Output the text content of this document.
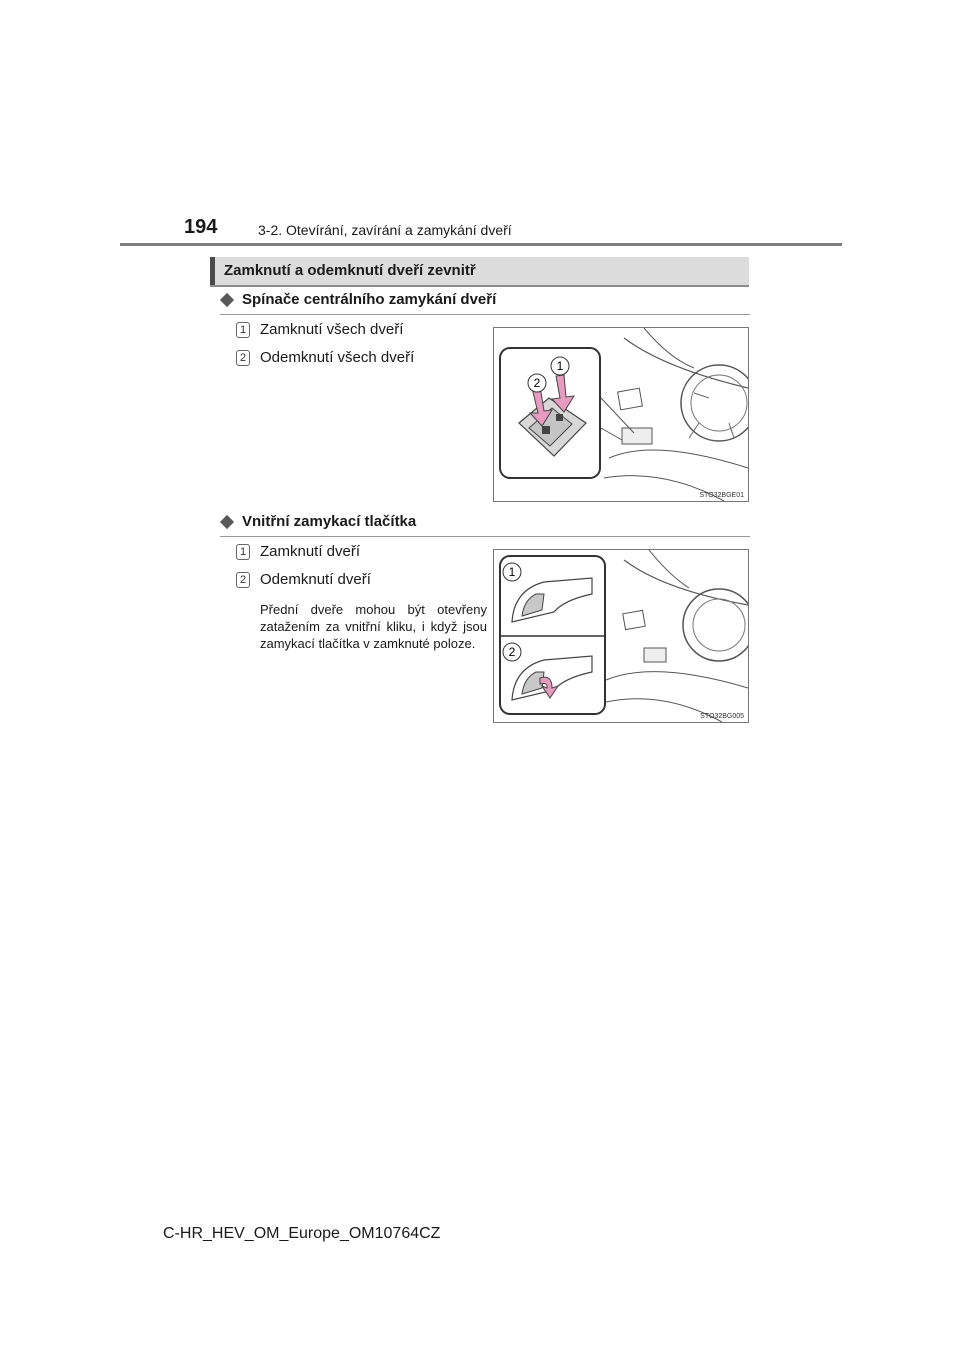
194	3-2. Otevírání, zavírání a zamykání dveří
Zamknutí a odemknutí dveří zevnitř
Spínače centrálního zamykání dveří
1 Zamknutí všech dveří
2 Odemknutí všech dveří	1
2
STO32BGE01
Vnitřní zamykací tlačítka
1 Zamknutí dveří
2 Odemknutí dveří
Přední dveře mohou být otevřeny zatažením za vnitřní kliku, i když jsou zamykací tlačítka v zamknuté poloze.
1
2
STO32BG005
C-HR_HEV_OM_Europe_OM10764CZ
